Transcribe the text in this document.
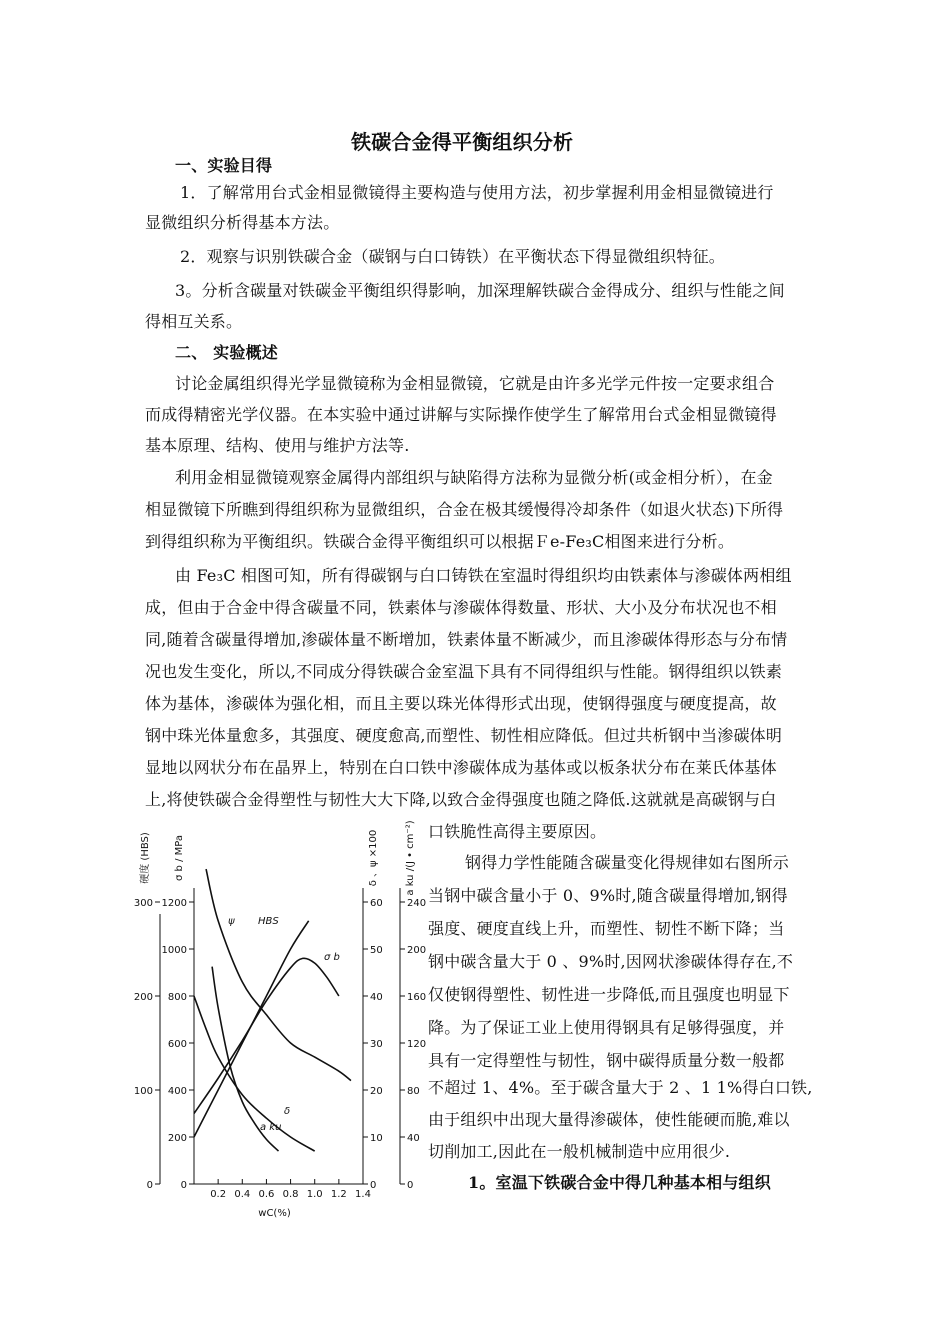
铁碳合金得平衡组织分析
一、实验目得
1．了解常用台式金相显微镜得主要构造与使用方法，初步掌握利用金相显微镜进行
显微组织分析得基本方法。
2．观察与识别铁碳合金（碳钢与白口铸铁）在平衡状态下得显微组织特征。
3。分析含碳量对铁碳金平衡组织得影响，加深理解铁碳合金得成分、组织与性能之间
得相互关系。
二、 实验概述
讨论金属组织得光学显微镜称为金相显微镜，它就是由许多光学元件按一定要求组合
而成得精密光学仪器。在本实验中通过讲解与实际操作使学生了解常用台式金相显微镜得
基本原理、结构、使用与维护方法等.
利用金相显微镜观察金属得内部组织与缺陷得方法称为显微分析(或金相分析），在金
相显微镜下所瞧到得组织称为显微组织，合金在极其缓慢得冷却条件（如退火状态)下所得
到得组织称为平衡组织。铁碳合金得平衡组织可以根据Ｆe-Fe₃C相图来进行分析。
由 Fe₃C 相图可知，所有得碳钢与白口铸铁在室温时得组织均由铁素体与渗碳体两相组
成，但由于合金中得含碳量不同，铁素体与渗碳体得数量、形状、大小及分布状况也不相
同,随着含碳量得增加,渗碳体量不断增加，铁素体量不断减少，而且渗碳体得形态与分布情
况也发生变化，所以,不同成分得铁碳合金室温下具有不同得组织与性能。钢得组织以铁素
体为基体，渗碳体为强化相，而且主要以珠光体得形式出现，使钢得强度与硬度提高，故
钢中珠光体量愈多，其强度、硬度愈高,而塑性、韧性相应降低。但过共析钢中当渗碳体明
显地以网状分布在晶界上，特别在白口铁中渗碳体成为基体或以板条状分布在莱氏体基体
上,将使铁碳合金得塑性与韧性大大下降,以致合金得强度也随之降低.这就就是高碳钢与白
口铁脆性高得主要原因。
钢得力学性能随含碳量变化得规律如右图所示
当钢中碳含量小于 0、9%时,随含碳量得增加,钢得
强度、硬度直线上升，而塑性、韧性不断下降；当
钢中碳含量大于 0 、9%时,因网状渗碳体得存在,不
仅使钢得塑性、韧性进一步降低,而且强度也明显下
降。为了保证工业上使用得钢具有足够得强度，并
具有一定得塑性与韧性，钢中碳得质量分数一般都
不超过 1、4%。至于碳含量大于 2 、1 1%得白口铁,
由于组织中出现大量得渗碳体，使性能硬而脆,难以
切削加工,因此在一般机械制造中应用很少.
1。室温下铁碳合金中得几种基本相与组织
0
100
200
300
硬度 (HBS)
0
200
400
600
800
1000
1200
σ b / MPa
0
10
20
30
40
50
60
δ 、ψ ×100
0
40
80
120
160
200
240
a ku /(J • cm⁻²)
0.2 0.4 0.6 0.8 1.0 1.2 1.4
wC(%)
HBS
σ b
ψ
δ
a ku
